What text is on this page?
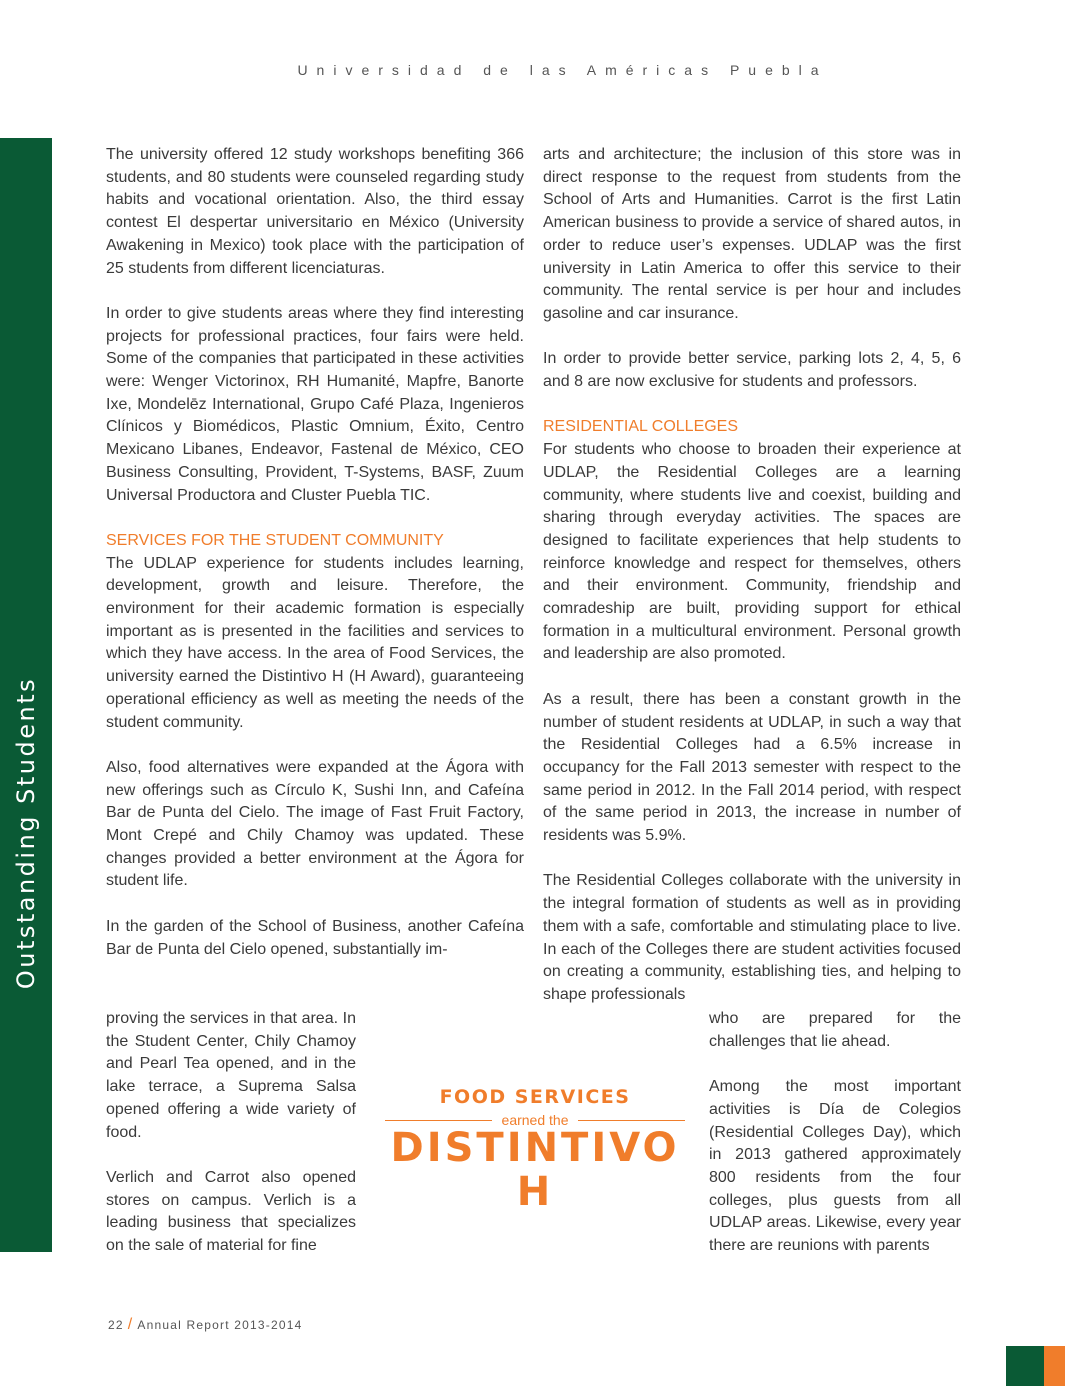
Universidad de las Américas Puebla
Outstanding Students

The university offered 12 study workshops benefiting 366 students, and 80 students were counseled regarding study habits and vocational orientation. Also, the third essay contest El despertar universitario en México (University Awakening in Mexico) took place with the participation of 25 students from different licenciaturas.

In order to give students areas where they find interesting projects for professional practices, four fairs were held. Some of the companies that participated in these activities were: Wenger Victorinox, RH Humanité, Mapfre, Banorte Ixe, Mondelēz International, Grupo Café Plaza, Ingenieros Clínicos y Biomédicos, Plastic Omnium, Éxito, Centro Mexicano Libanes, Endeavor, Fastenal de México, CEO Business Consulting, Provident, T-Systems, BASF, Zuum Universal Productora and Cluster Puebla TIC.

SERVICES FOR THE STUDENT COMMUNITY

The UDLAP experience for students includes learning, development, growth and leisure. Therefore, the environment for their academic formation is especially important as is presented in the facilities and services to which they have access. In the area of Food Services, the university earned the Distintivo H (H Award), guaranteeing operational efficiency as well as meeting the needs of the student community.

Also, food alternatives were expanded at the Ágora with new offerings such as Círculo K, Sushi Inn, and Cafeína Bar de Punta del Cielo. The image of Fast Fruit Factory, Mont Crepé and Chily Chamoy was updated. These changes provided a better environment at the Ágora for student life.

In the garden of the School of Business, another Cafeína Bar de Punta del Cielo opened, substantially im-

proving the services in that area. In the Student Center, Chily Chamoy and Pearl Tea opened, and in the lake terrace, a Suprema Salsa opened offering a wide variety of food.

Verlich and Carrot also opened stores on campus. Verlich is a leading business that specializes on the sale of material for fine

arts and architecture; the inclusion of this store was in direct response to the request from students from the School of Arts and Humanities. Carrot is the first Latin American business to provide a service of shared autos, in order to reduce user’s expenses. UDLAP was the first university in Latin America to offer this service to their community. The rental service is per hour and includes gasoline and car insurance.

In order to provide better service, parking lots 2, 4, 5, 6 and 8 are now exclusive for students and professors.

RESIDENTIAL COLLEGES

For students who choose to broaden their experience at UDLAP, the Residential Colleges are a learning community, where students live and coexist, building and sharing through everyday activities. The spaces are designed to facilitate experiences that help students to reinforce knowledge and respect for themselves, others and their environment. Community, friendship and comradeship are built, providing support for ethical formation in a multicultural environment. Personal growth and leadership are also promoted.

As a result, there has been a constant growth in the number of student residents at UDLAP, in such a way that the Residential Colleges had a 6.5% increase in occupancy for the Fall 2013 semester with respect to the same period in 2012. In the Fall 2014 period, with respect of the same period in 2013, the increase in number of residents was 5.9%.

The Residential Colleges collaborate with the university in the integral formation of students as well as in providing them with a safe, comfortable and stimulating place to live. In each of the Colleges there are student activities focused on creating a community, establishing ties, and helping to shape professionals

who are prepared for the challenges that lie ahead.

Among the most important activities is Día de Colegios (Residential Colleges Day), which in 2013 gathered approximately 800 residents from the four colleges, plus guests from all UDLAP areas. Likewise, every year there are reunions with parents

FOOD SERVICES
earned the
DISTINTIVO H
22 / Annual Report 2013-2014
